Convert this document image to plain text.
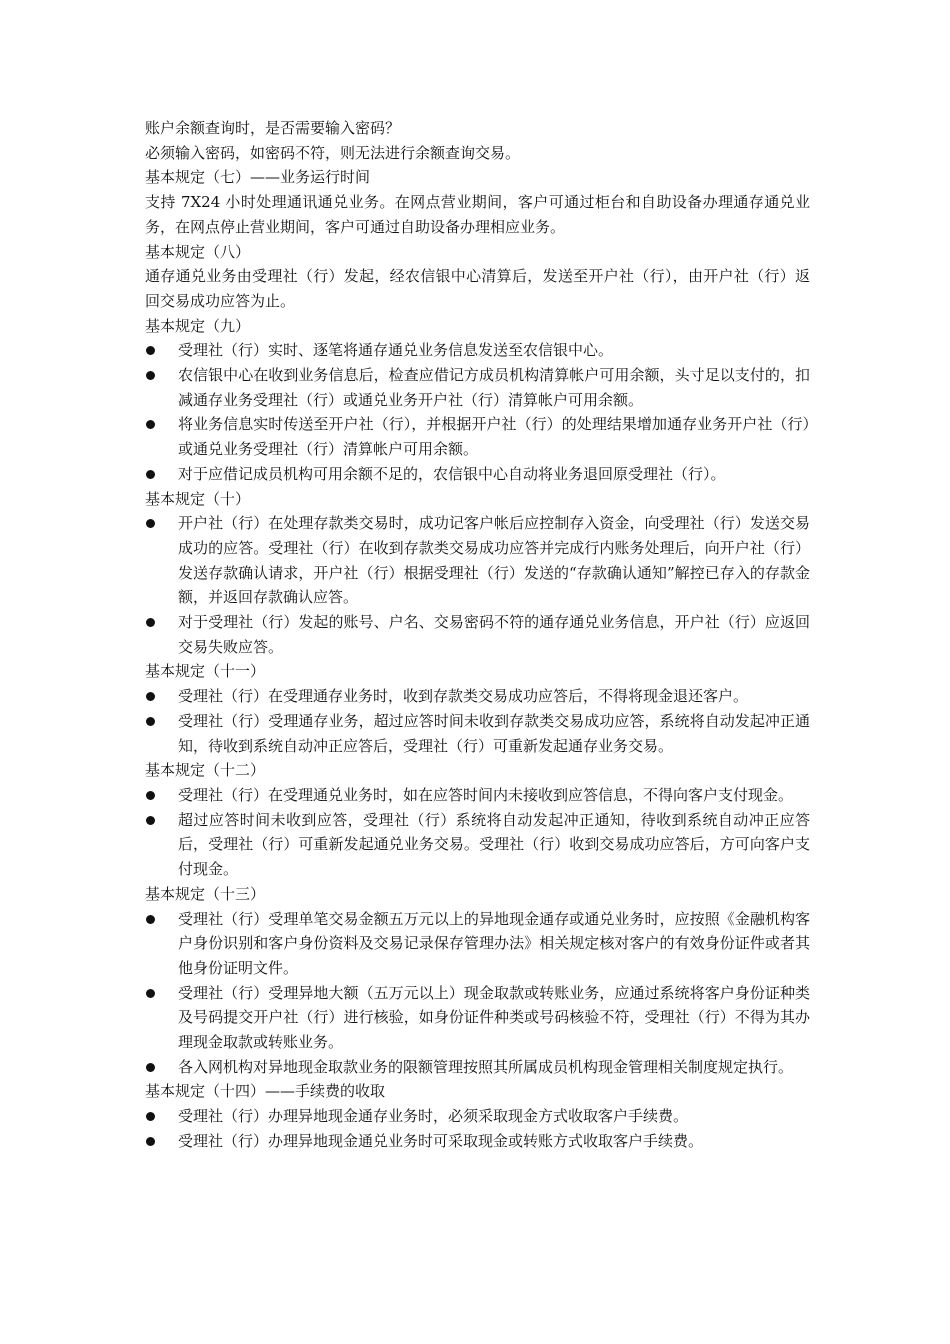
账户余额查询时，是否需要输入密码？
必须输入密码，如密码不符，则无法进行余额查询交易。
基本规定（七）——业务运行时间
支持 7X24 小时处理通讯通兑业务。在网点营业期间，客户可通过柜台和自助设备办理通存通兑业务，在网点停止营业期间，客户可通过自助设备办理相应业务。
基本规定（八）
通存通兑业务由受理社（行）发起，经农信银中心清算后，发送至开户社（行），由开户社（行）返回交易成功应答为止。
基本规定（九）
受理社（行）实时、逐笔将通存通兑业务信息发送至农信银中心。
农信银中心在收到业务信息后，检查应借记方成员机构清算帐户可用余额，头寸足以支付的，扣减通存业务受理社（行）或通兑业务开户社（行）清算帐户可用余额。
将业务信息实时传送至开户社（行），并根据开户社（行）的处理结果增加通存业务开户社（行）或通兑业务受理社（行）清算帐户可用余额。
对于应借记成员机构可用余额不足的，农信银中心自动将业务退回原受理社（行）。
基本规定（十）
开户社（行）在处理存款类交易时，成功记客户帐后应控制存入资金，向受理社（行）发送交易成功的应答。受理社（行）在收到存款类交易成功应答并完成行内账务处理后，向开户社（行）发送存款确认请求，开户社（行）根据受理社（行）发送的“存款确认通知”解控已存入的存款金额，并返回存款确认应答。
对于受理社（行）发起的账号、户名、交易密码不符的通存通兑业务信息，开户社（行）应返回交易失败应答。
基本规定（十一）
受理社（行）在受理通存业务时，收到存款类交易成功应答后，不得将现金退还客户。
受理社（行）受理通存业务，超过应答时间未收到存款类交易成功应答，系统将自动发起冲正通知，待收到系统自动冲正应答后，受理社（行）可重新发起通存业务交易。
基本规定（十二）
受理社（行）在受理通兑业务时，如在应答时间内未接收到应答信息，不得向客户支付现金。
超过应答时间未收到应答，受理社（行）系统将自动发起冲正通知，待收到系统自动冲正应答后，受理社（行）可重新发起通兑业务交易。受理社（行）收到交易成功应答后，方可向客户支付现金。
基本规定（十三）
受理社（行）受理单笔交易金额五万元以上的异地现金通存或通兑业务时，应按照《金融机构客户身份识别和客户身份资料及交易记录保存管理办法》相关规定核对客户的有效身份证件或者其他身份证明文件。
受理社（行）受理异地大额（五万元以上）现金取款或转账业务，应通过系统将客户身份证种类及号码提交开户社（行）进行核验，如身份证件种类或号码核验不符，受理社（行）不得为其办理现金取款或转账业务。
各入网机构对异地现金取款业务的限额管理按照其所属成员机构现金管理相关制度规定执行。
基本规定（十四）——手续费的收取
受理社（行）办理异地现金通存业务时，必须采取现金方式收取客户手续费。
受理社（行）办理异地现金通兑业务时可采取现金或转账方式收取客户手续费。
